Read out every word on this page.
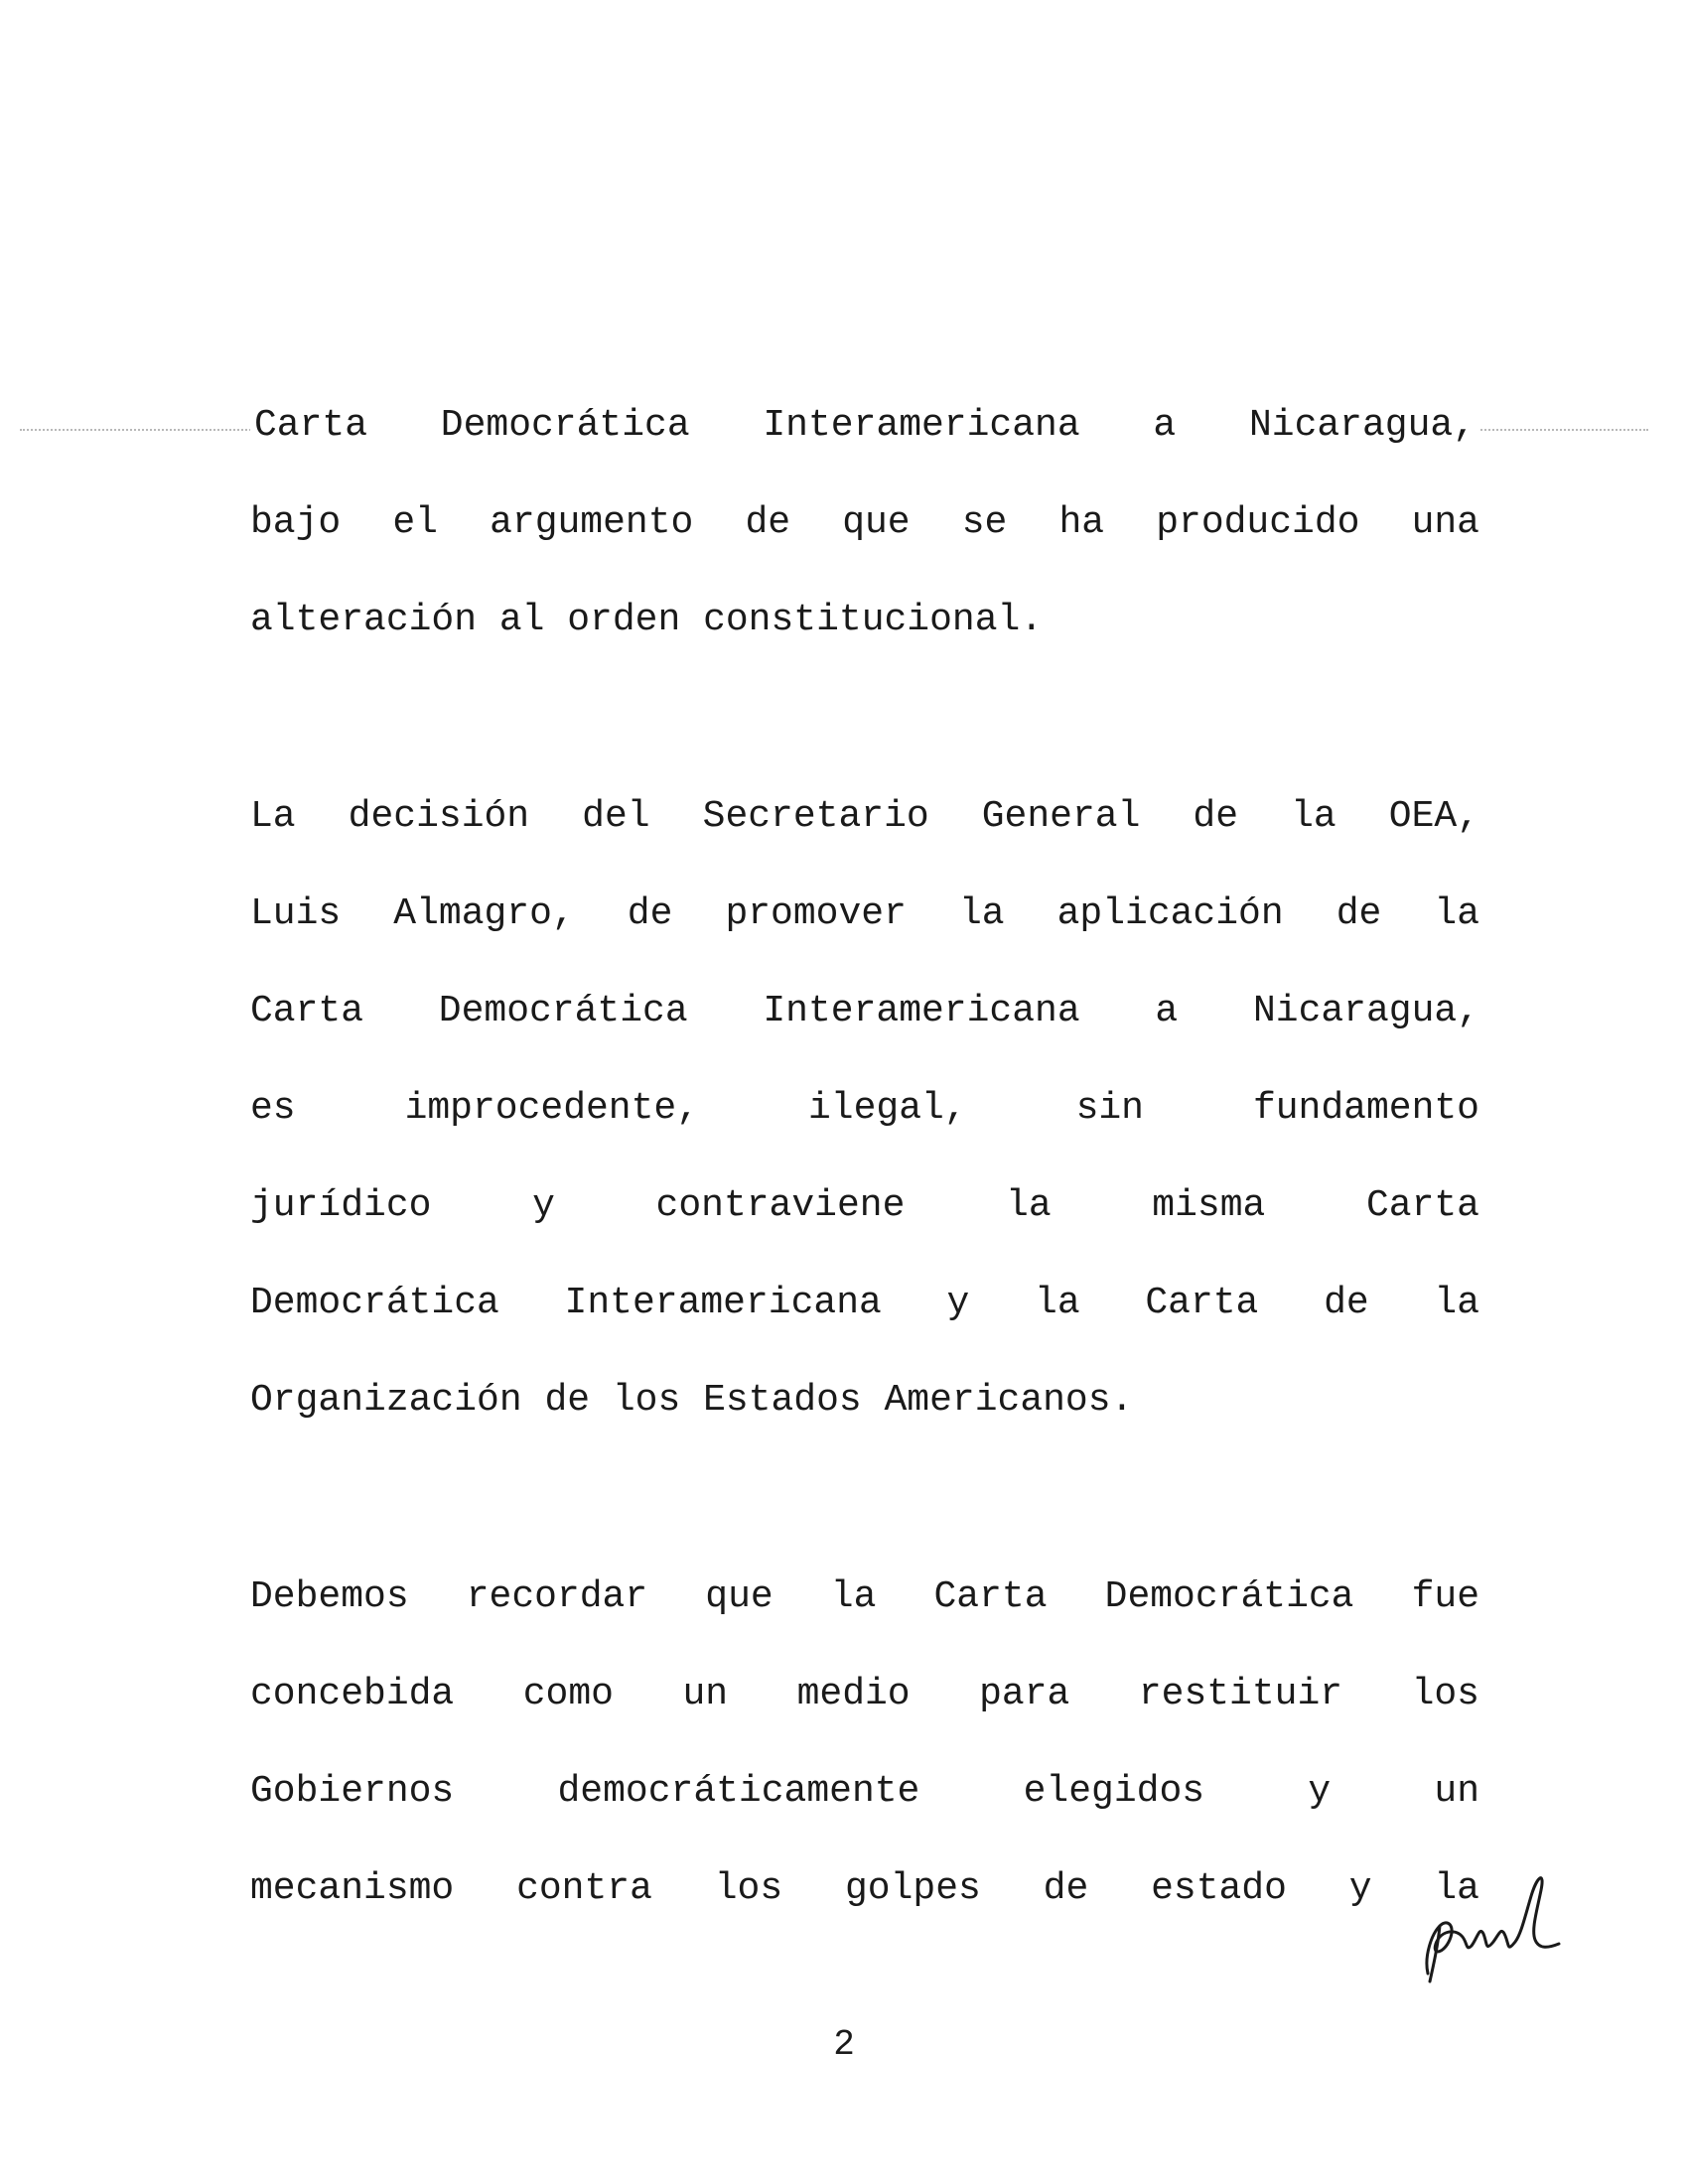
Carta Democrática Interamericana a Nicaragua,
bajo el argumento de que se ha producido una
alteración al orden constitucional.
La decisión del Secretario General de la OEA,
Luis Almagro, de promover la aplicación de la
Carta Democrática Interamericana a Nicaragua,
es improcedente, ilegal, sin fundamento
jurídico y contraviene la misma Carta
Democrática Interamericana y la Carta de la
Organización de los Estados Americanos.
Debemos recordar que la Carta Democrática fue
concebida como un medio para restituir los
Gobiernos democráticamente elegidos y un
mecanismo contra los golpes de estado y la
2
